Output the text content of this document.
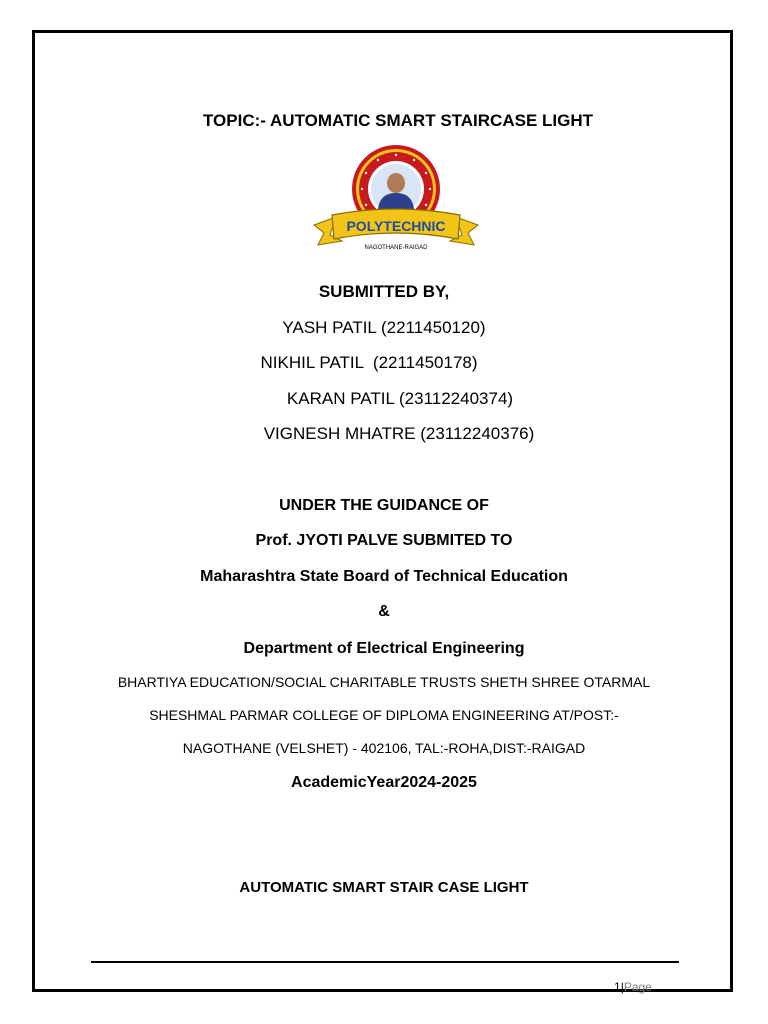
TOPIC:- AUTOMATIC SMART STAIRCASE LIGHT
POLYTECHNIC
NAGOTHANE-RAIGAD
SUBMITTED BY,
YASH PATIL (2211450120)
NIKHIL PATIL  (2211450178)
KARAN PATIL (23112240374)
VIGNESH MHATRE (23112240376)
UNDER THE GUIDANCE OF
Prof. JYOTI PALVE SUBMITED TO
Maharashtra State Board of Technical Education
&
Department of Electrical Engineering
BHARTIYA EDUCATION/SOCIAL CHARITABLE TRUSTS SHETH SHREE OTARMAL
SHESHMAL PARMAR COLLEGE OF DIPLOMA ENGINEERING AT/POST:-
NAGOTHANE (VELSHET) - 402106, TAL:-ROHA,DIST:-RAIGAD
AcademicYear2024-2025
AUTOMATIC SMART STAIR CASE LIGHT
1|Page
